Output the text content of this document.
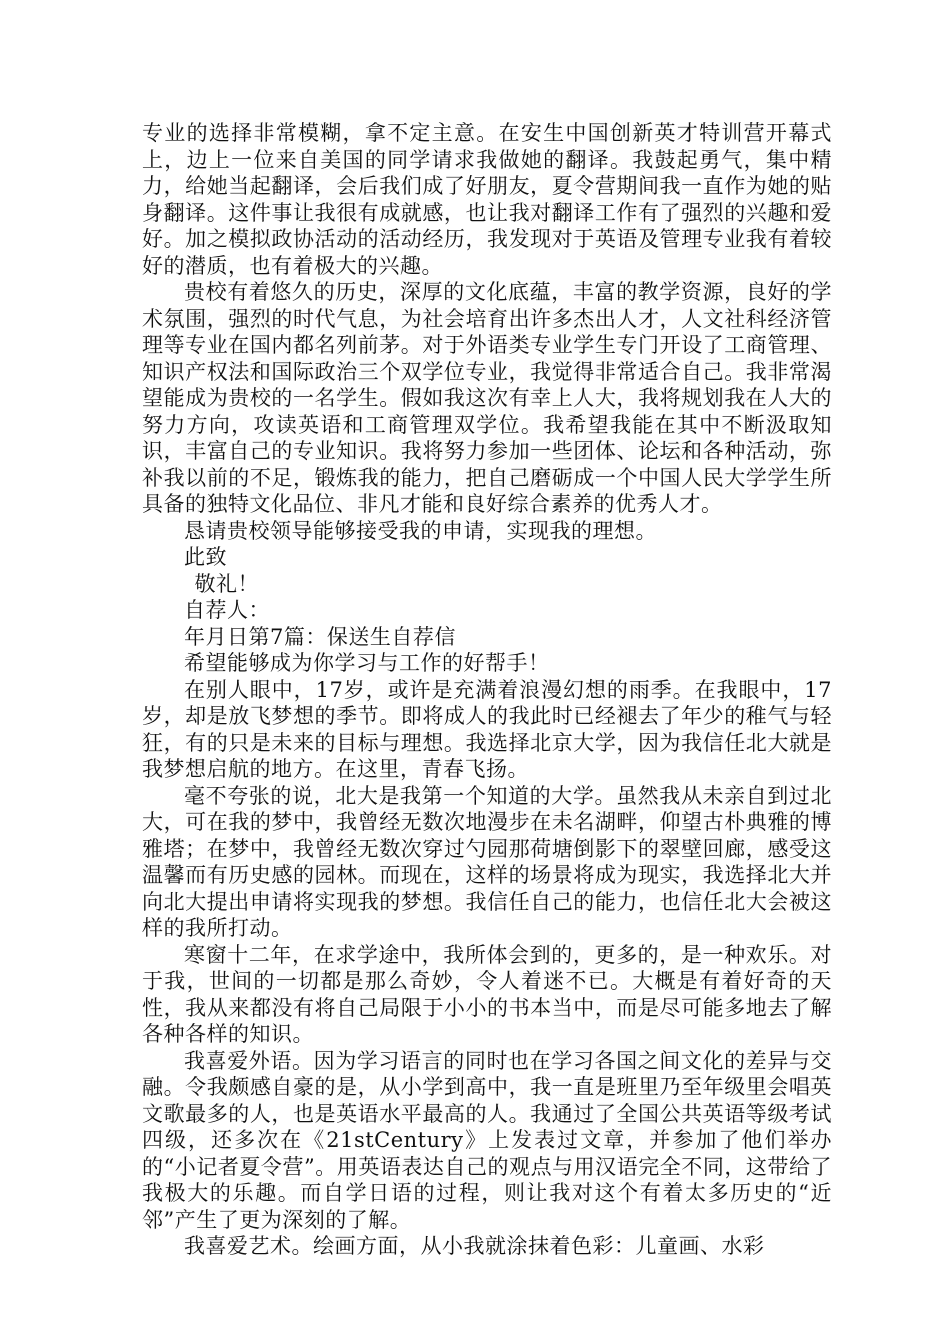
专业的选择非常模糊，拿不定主意。在安生中国创新英才特训营开幕式上，边上一位来自美国的同学请求我做她的翻译。我鼓起勇气，集中精力，给她当起翻译，会后我们成了好朋友，夏令营期间我一直作为她的贴身翻译。这件事让我很有成就感，也让我对翻译工作有了强烈的兴趣和爱好。加之模拟政协活动的活动经历，我发现对于英语及管理专业我有着较好的潜质，也有着极大的兴趣。

贵校有着悠久的历史，深厚的文化底蕴，丰富的教学资源，良好的学术氛围，强烈的时代气息，为社会培育出许多杰出人才，人文社科经济管理等专业在国内都名列前茅。对于外语类专业学生专门开设了工商管理、知识产权法和国际政治三个双学位专业，我觉得非常适合自己。我非常渴望能成为贵校的一名学生。假如我这次有幸上人大，我将规划我在人大的努力方向，攻读英语和工商管理双学位。我希望我能在其中不断汲取知识，丰富自己的专业知识。我将努力参加一些团体、论坛和各种活动，弥补我以前的不足，锻炼我的能力，把自己磨砺成一个中国人民大学学生所具备的独特文化品位、非凡才能和良好综合素养的优秀人才。

恳请贵校领导能够接受我的申请，实现我的理想。

此致

敬礼！

自荐人：

年月日第7篇：保送生自荐信

希望能够成为你学习与工作的好帮手！

在别人眼中，17岁，或许是充满着浪漫幻想的雨季。在我眼中，17岁，却是放飞梦想的季节。即将成人的我此时已经褪去了年少的稚气与轻狂，有的只是未来的目标与理想。我选择北京大学，因为我信任北大就是我梦想启航的地方。在这里，青春飞扬。

毫不夸张的说，北大是我第一个知道的大学。虽然我从未亲自到过北大，可在我的梦中，我曾经无数次地漫步在未名湖畔，仰望古朴典雅的博雅塔；在梦中，我曾经无数次穿过勺园那荷塘倒影下的翠壁回廊，感受这温馨而有历史感的园林。而现在，这样的场景将成为现实，我选择北大并向北大提出申请将实现我的梦想。我信任自己的能力，也信任北大会被这样的我所打动。

寒窗十二年，在求学途中，我所体会到的，更多的，是一种欢乐。对于我，世间的一切都是那么奇妙，令人着迷不已。大概是有着好奇的天性，我从来都没有将自己局限于小小的书本当中，而是尽可能多地去了解各种各样的知识。

我喜爱外语。因为学习语言的同时也在学习各国之间文化的差异与交融。令我颇感自豪的是，从小学到高中，我一直是班里乃至年级里会唱英文歌最多的人，也是英语水平最高的人。我通过了全国公共英语等级考试四级，还多次在《21stCentury》上发表过文章，并参加了他们举办的“小记者夏令营”。用英语表达自己的观点与用汉语完全不同，这带给了我极大的乐趣。而自学日语的过程，则让我对这个有着太多历史的“近邻”产生了更为深刻的了解。

我喜爱艺术。绘画方面，从小我就涂抹着色彩：儿童画、水彩
